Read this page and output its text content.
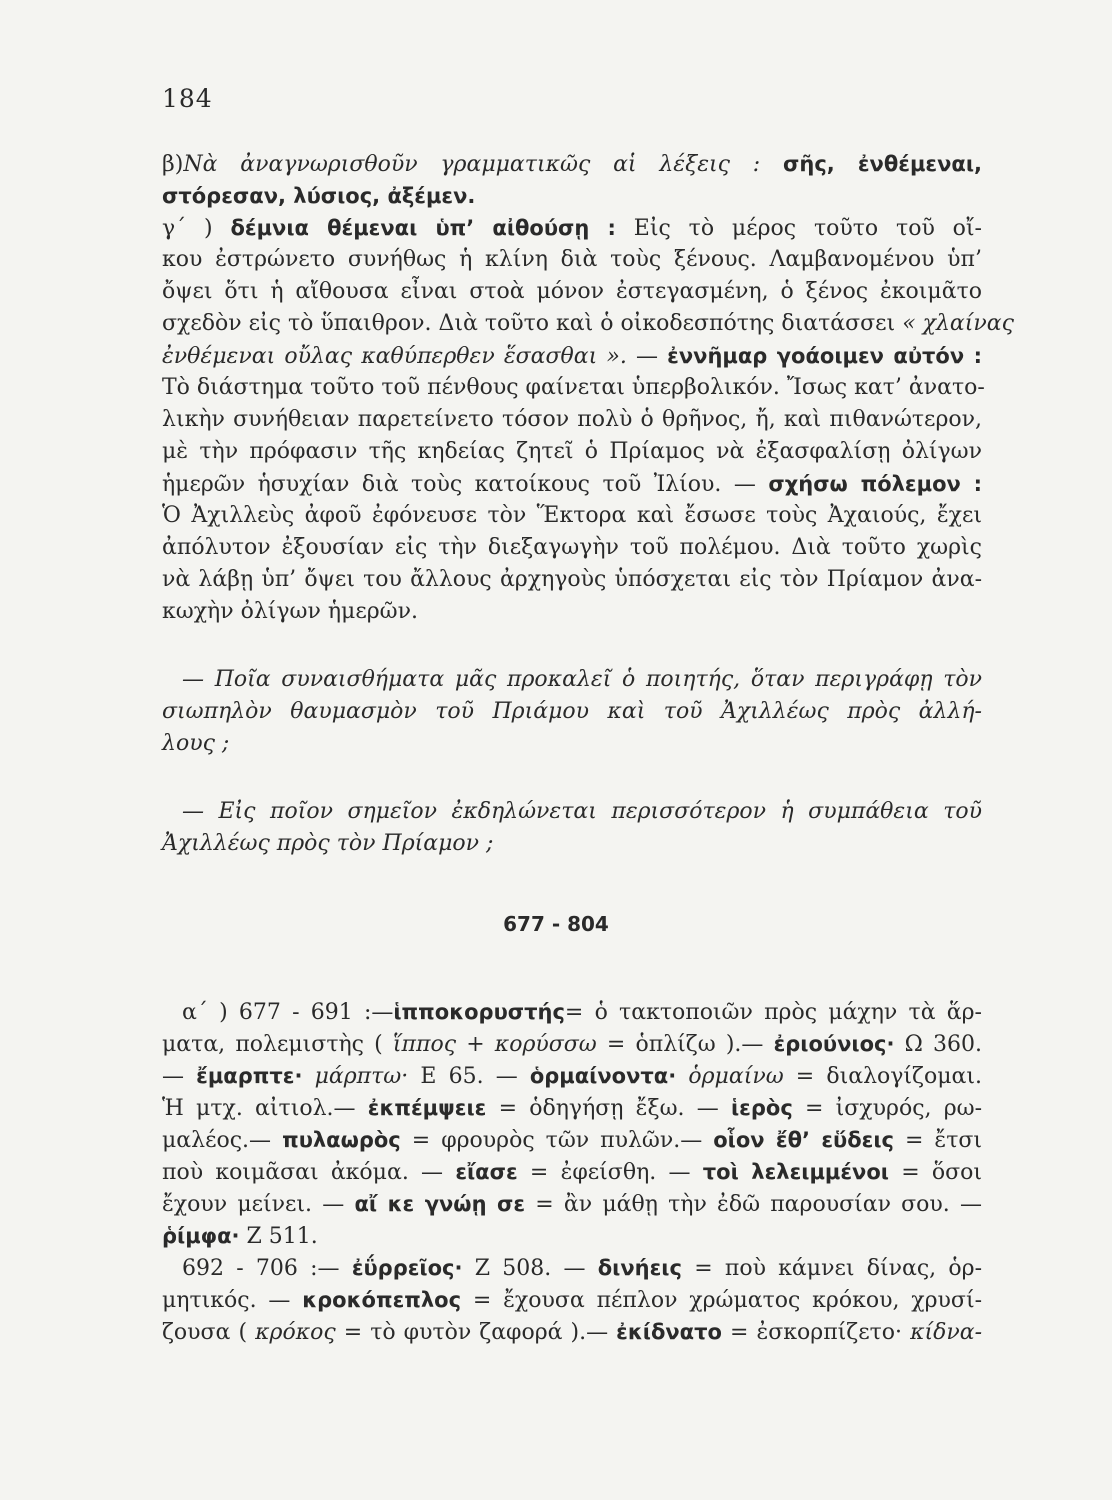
184
β)Νὰ ἀναγνωρισθοῦν γραμματικῶς αἱ λέξεις : σῆς, ἐνθέμεναι,
στόρεσαν, λύσιος, ἀξέμεν.
γ΄ ) δέμνια θέμεναι ὑπ’ αἰθούσῃ : Εἰς τὸ μέρος τοῦτο τοῦ οἴ-
κου ἐστρώνετο συνήθως ἡ κλίνη διὰ τοὺς ξένους. Λαμβανομένου ὑπ’
ὄψει ὅτι ἡ αἴθουσα εἶναι στοὰ μόνον ἐστεγασμένη, ὁ ξένος ἐκοιμᾶτο
σχεδὸν εἰς τὸ ὕπαιθρον. Διὰ τοῦτο καὶ ὁ οἰκοδεσπότης διατάσσει « χλαίνας
ἐνθέμεναι οὔλας καθύπερθεν ἕσασθαι ». — ἐννῆμαρ γοάοιμεν αὐτόν :
Τὸ διάστημα τοῦτο τοῦ πένθους φαίνεται ὑπερβολικόν. Ἴσως κατ’ ἀνατο-
λικὴν συνήθειαν παρετείνετο τόσον πολὺ ὁ θρῆνος, ἤ, καὶ πιθανώτερον,
μὲ τὴν πρόφασιν τῆς κηδείας ζητεῖ ὁ Πρίαμος νὰ ἐξασφαλίσῃ ὀλίγων
ἡμερῶν ἡσυχίαν διὰ τοὺς κατοίκους τοῦ Ἰλίου. — σχήσω πόλεμον :
Ὁ Ἀχιλλεὺς ἀφοῦ ἐφόνευσε τὸν Ἕκτορα καὶ ἔσωσε τοὺς Ἀχαιούς, ἔχει
ἀπόλυτον ἐξουσίαν εἰς τὴν διεξαγωγὴν τοῦ πολέμου. Διὰ τοῦτο χωρὶς
νὰ λάβῃ ὑπ’ ὄψει του ἄλλους ἀρχηγοὺς ὑπόσχεται εἰς τὸν Πρίαμον ἀνα-
κωχὴν ὀλίγων ἡμερῶν.
— Ποῖα συναισθήματα μᾶς προκαλεῖ ὁ ποιητής, ὅταν περιγράφῃ τὸν
σιωπηλὸν θαυμασμὸν τοῦ Πριάμου καὶ τοῦ Ἀχιλλέως πρὸς ἀλλή-
λους ;
— Εἰς ποῖον σημεῖον ἐκδηλώνεται περισσότερον ἡ συμπάθεια τοῦ
Ἀχιλλέως πρὸς τὸν Πρίαμον ;
677 - 804
α΄ ) 677 - 691 :—ἱπποκορυστής= ὁ τακτοποιῶν πρὸς μάχην τὰ ἅρ-
ματα, πολεμιστὴς ( ἵππος + κορύσσω = ὁπλίζω ).— ἐριούνιος· Ω 360.
— ἔμαρπτε· μάρπτω· Ε 65. — ὁρμαίνοντα· ὁρμαίνω = διαλογίζομαι.
Ἡ μτχ. αἰτιολ.— ἐκπέμψειε = ὁδηγήσῃ ἔξω. — ἱερὸς = ἰσχυρός, ρω-
μαλέος.— πυλαωρὸς = φρουρὸς τῶν πυλῶν.— οἷον ἔθ’ εὕδεις = ἔτσι
ποὺ κοιμᾶσαι ἀκόμα. — εἴασε = ἐφείσθη. — τοὶ λελειμμένοι = ὅσοι
ἔχουν μείνει. — αἴ κε γνώῃ σε = ἂν μάθῃ τὴν ἐδῶ παρουσίαν σου. —
ῥίμφα· Ζ 511.
692 - 706 :— ἐΰρρεῖος· Ζ 508. — δινήεις = ποὺ κάμνει δίνας, ὁρ-
μητικός. — κροκόπεπλος = ἔχουσα πέπλον χρώματος κρόκου, χρυσί-
ζουσα ( κρόκος = τὸ φυτὸν ζαφορά ).— ἐκίδνατο = ἐσκορπίζετο· κίδνα-
